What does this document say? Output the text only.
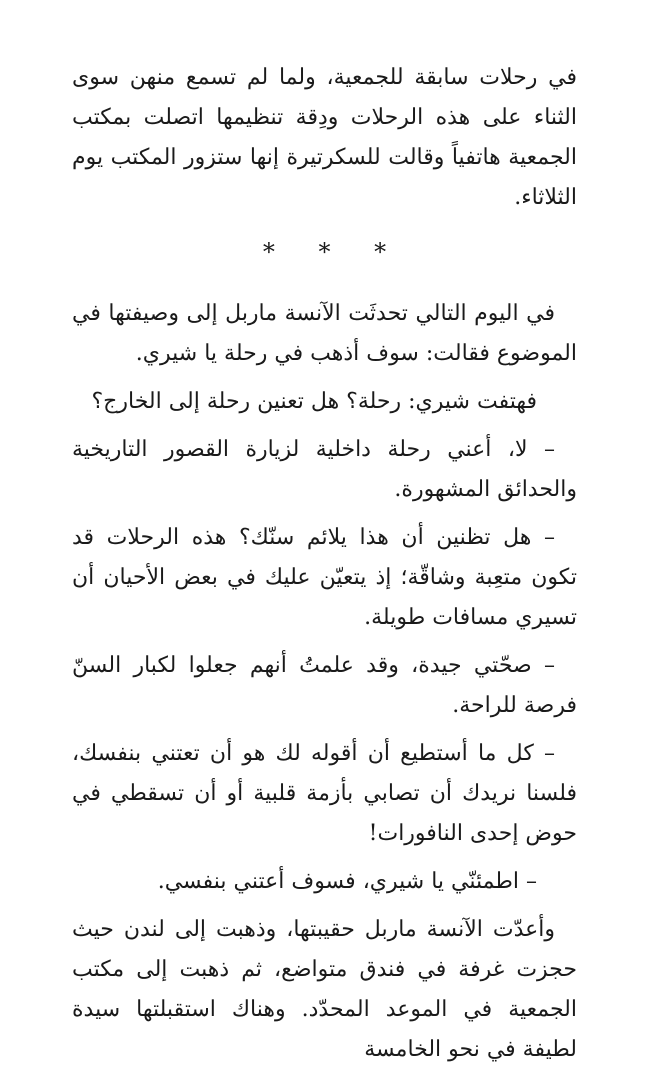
في رحلات سابقة للجمعية، ولما لم تسمع منهن سوى الثناء على هذه الرحلات ودِقة تنظيمها اتصلت بمكتب الجمعية هاتفياً وقالت للسكرتيرة إنها ستزور المكتب يوم الثلاثاء.

* * *

في اليوم التالي تحدثَت الآنسة ماربل إلى وصيفتها في الموضوع فقالت: سوف أذهب في رحلة يا شيري.

فهتفت شيري: رحلة؟ هل تعنين رحلة إلى الخارج؟

– لا، أعني رحلة داخلية لزيارة القصور التاريخية والحدائق المشهورة.

– هل تظنين أن هذا يلائم سنّك؟ هذه الرحلات قد تكون متعِبة وشاقّة؛ إذ يتعيّن عليك في بعض الأحيان أن تسيري مسافات طويلة.

– صحّتي جيدة، وقد علمتُ أنهم جعلوا لكبار السنّ فرصة للراحة.

– كل ما أستطيع أن أقوله لك هو أن تعتني بنفسك، فلسنا نريدك أن تصابي بأزمة قلبية أو أن تسقطي في حوض إحدى النافورات!

– اطمئنّي يا شيري، فسوف أعتني بنفسي.

وأعدّت الآنسة ماربل حقيبتها، وذهبت إلى لندن حيث حجزت غرفة في فندق متواضع، ثم ذهبت إلى مكتب الجمعية في الموعد المحدّد. وهناك استقبلتها سيدة لطيفة في نحو الخامسة
